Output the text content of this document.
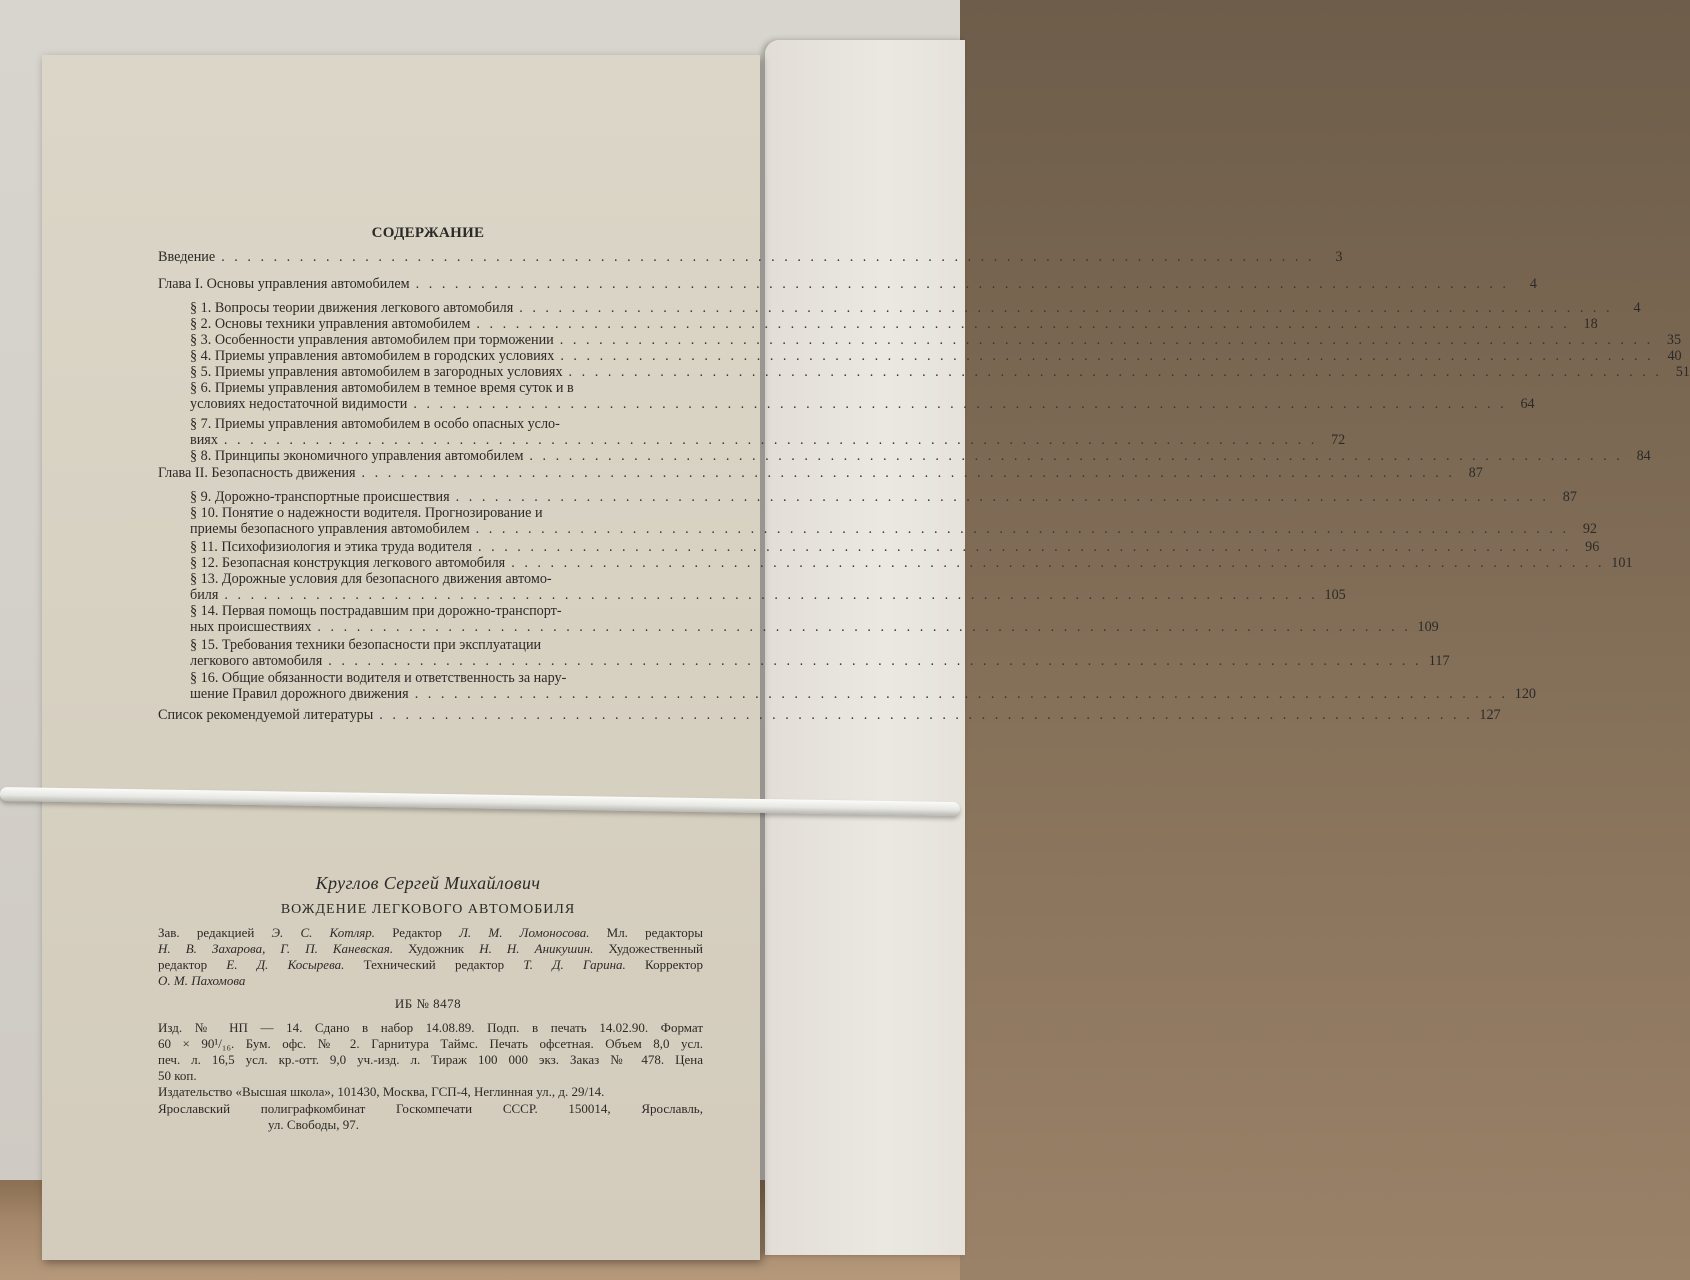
СОДЕРЖАНИЕ
Введение . . . . . . . . . . . . . . . . . . . . . . . . . . . . . . . . . . . . . . . . . . . . . . . . . . . . . . . . . . . . . . . . . . . . . . . . . . . . . . . . . . . .	3
Глава I. Основы управления автомобилем . . . . . . . . . . . . . . . . . . . . . . . . . . . . . . . . . . . . . . . . . . . . . . . . . . . . . . . . . . . . . . . . . . . . . . . . . . . . . . . . . . . .	4
§ 1. Вопросы теории движения легкового автомобиля . . . . . . . . . . . . . . . . . . . . . . . . . . . . . . . . . . . . . . . . . . . . . . . . . . . . . . . . . . . . . . . . . . . . . . . . . . . . . . . . . . . .	4
§ 2. Основы техники управления автомобилем . . . . . . . . . . . . . . . . . . . . . . . . . . . . . . . . . . . . . . . . . . . . . . . . . . . . . . . . . . . . . . . . . . . . . . . . . . . . . . . . . . . . 18
§ 3. Особенности управления автомобилем при торможении . . . . . . . . . . . . . . . . . . . . . . . . . . . . . . . . . . . . . . . . . . . . . . . . . . . . . . . . . . . . . . . . . . . . . . . . . . . . . . . . . . . . 35
§ 4. Приемы управления автомобилем в городских условиях . . . . . . . . . . . . . . . . . . . . . . . . . . . . . . . . . . . . . . . . . . . . . . . . . . . . . . . . . . . . . . . . . . . . . . . . . . . . . . . . . . . . 40
§ 5. Приемы управления автомобилем в загородных условиях . . . . . . . . . . . . . . . . . . . . . . . . . . . . . . . . . . . . . . . . . . . . . . . . . . . . . . . . . . . . . . . . . . . . . . . . . . . . . . . . . . . . 51
§ 6. Приемы управления автомобилем в темное время суток и в
условиях недостаточной видимости . . . . . . . . . . . . . . . . . . . . . . . . . . . . . . . . . . . . . . . . . . . . . . . . . . . . . . . . . . . . . . . . . . . . . . . . . . . . . . . . . . . . 64
§ 7. Приемы управления автомобилем в особо опасных усло-
виях . . . . . . . . . . . . . . . . . . . . . . . . . . . . . . . . . . . . . . . . . . . . . . . . . . . . . . . . . . . . . . . . . . . . . . . . . . . . . . . . . . . . 72
§ 8. Принципы экономичного управления автомобилем . . . . . . . . . . . . . . . . . . . . . . . . . . . . . . . . . . . . . . . . . . . . . . . . . . . . . . . . . . . . . . . . . . . . . . . . . . . . . . . . . . . . 84
Глава II. Безопасность движения . . . . . . . . . . . . . . . . . . . . . . . . . . . . . . . . . . . . . . . . . . . . . . . . . . . . . . . . . . . . . . . . . . . . . . . . . . . . . . . . . . . . 87
§ 9. Дорожно-транспортные происшествия . . . . . . . . . . . . . . . . . . . . . . . . . . . . . . . . . . . . . . . . . . . . . . . . . . . . . . . . . . . . . . . . . . . . . . . . . . . . . . . . . . . . 87
§ 10. Понятие о надежности водителя. Прогнозирование и
приемы безопасного управления автомобилем . . . . . . . . . . . . . . . . . . . . . . . . . . . . . . . . . . . . . . . . . . . . . . . . . . . . . . . . . . . . . . . . . . . . . . . . . . . . . . . . . . . . 92
§ 11. Психофизиология и этика труда водителя . . . . . . . . . . . . . . . . . . . . . . . . . . . . . . . . . . . . . . . . . . . . . . . . . . . . . . . . . . . . . . . . . . . . . . . . . . . . . . . . . . . . 96
§ 12. Безопасная конструкция легкового автомобиля . . . . . . . . . . . . . . . . . . . . . . . . . . . . . . . . . . . . . . . . . . . . . . . . . . . . . . . . . . . . . . . . . . . . . . . . . . . . . . . . . . . . 101
§ 13. Дорожные условия для безопасного движения автомо-
биля . . . . . . . . . . . . . . . . . . . . . . . . . . . . . . . . . . . . . . . . . . . . . . . . . . . . . . . . . . . . . . . . . . . . . . . . . . . . . . . . . . . . 105
§ 14. Первая помощь пострадавшим при дорожно-транспорт-
ных происшествиях . . . . . . . . . . . . . . . . . . . . . . . . . . . . . . . . . . . . . . . . . . . . . . . . . . . . . . . . . . . . . . . . . . . . . . . . . . . . . . . . . . . . 109
§ 15. Требования техники безопасности при эксплуатации
легкового автомобиля . . . . . . . . . . . . . . . . . . . . . . . . . . . . . . . . . . . . . . . . . . . . . . . . . . . . . . . . . . . . . . . . . . . . . . . . . . . . . . . . . . . . 117
§ 16. Общие обязанности водителя и ответственность за нару-
шение Правил дорожного движения . . . . . . . . . . . . . . . . . . . . . . . . . . . . . . . . . . . . . . . . . . . . . . . . . . . . . . . . . . . . . . . . . . . . . . . . . . . . . . . . . . . . 120
Список рекомендуемой литературы . . . . . . . . . . . . . . . . . . . . . . . . . . . . . . . . . . . . . . . . . . . . . . . . . . . . . . . . . . . . . . . . . . . . . . . . . . . . . . . . . . . . 127
Круглов Сергей Михайлович
ВОЖДЕНИЕ ЛЕГКОВОГО АВТОМОБИЛЯ
Зав. редакцией Э. С. Котляр. Редактор Л. М. Ломоносова. Мл. редакторы
Н. В. Захарова, Г. П. Каневская. Художник Н. Н. Аникушин. Художественный
редактор Е. Д. Косырева. Технический редактор Т. Д. Гарина. Корректор
О. М. Пахомова
ИБ № 8478
Изд. № НП — 14. Сдано в набор 14.08.89. Подп. в печать 14.02.90. Формат
60 × 90¹/₁₆. Бум. офс. № 2. Гарнитура Таймс. Печать офсетная. Объем 8,0 усл.
печ. л. 16,5 усл. кр.-отт. 9,0 уч.-изд. л. Тираж 100 000 экз. Заказ № 478. Цена
50 коп.
Издательство «Высшая школа», 101430, Москва, ГСП-4, Неглинная ул., д. 29/14.
Ярославский полиграфкомбинат Госкомпечати СССР. 150014, Ярославль,
ул. Свободы, 97.
